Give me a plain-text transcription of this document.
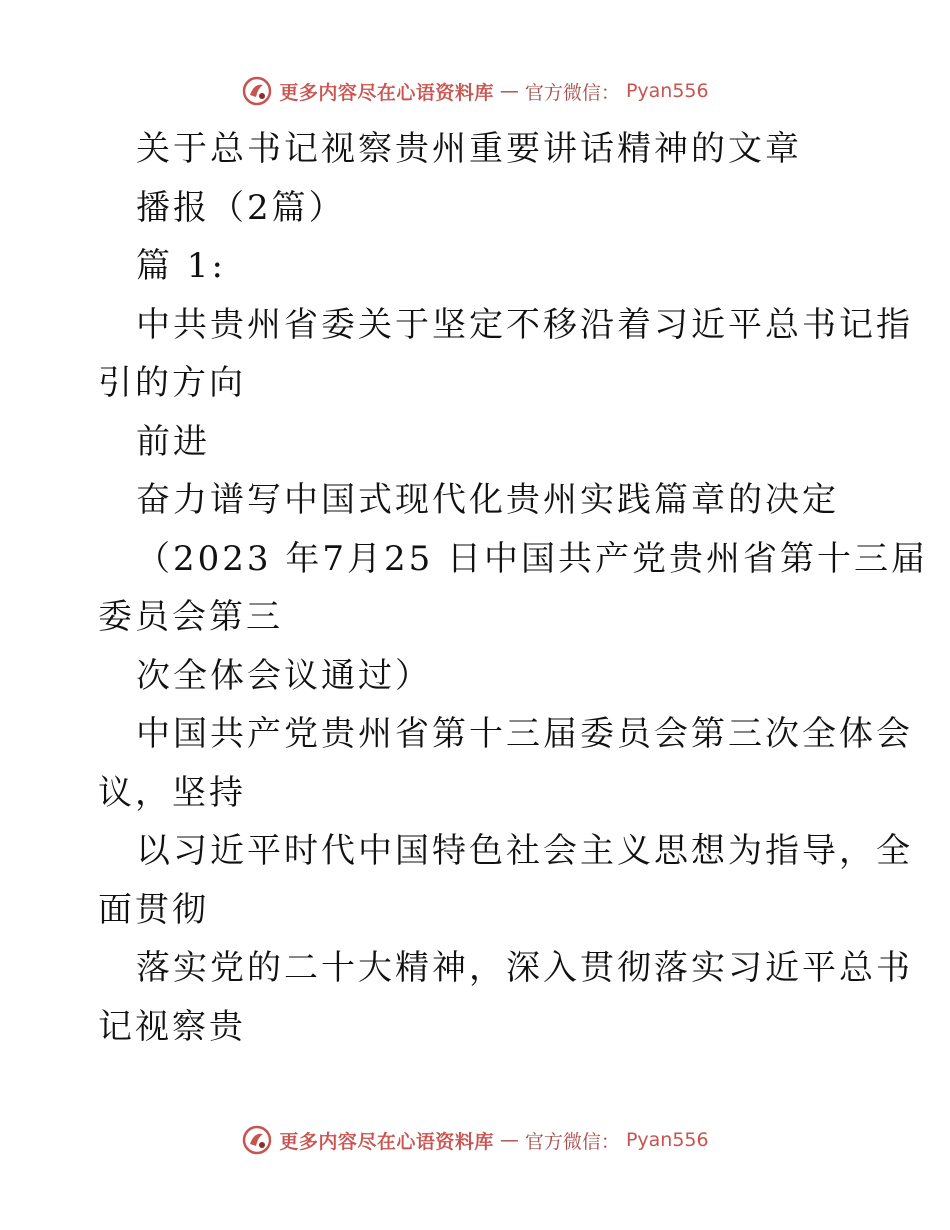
更多内容尽在心语资料库 — 官方微信： Pyan556
关于总书记视察贵州重要讲话精神的文章
播报（2篇）
篇 1:
中共贵州省委关于坚定不移沿着习近平总书记指
引的方向
前进
奋力谱写中国式现代化贵州实践篇章的决定
（2023 年7月25 日中国共产党贵州省第十三届
委员会第三
次全体会议通过）
中国共产党贵州省第十三届委员会第三次全体会
议，坚持
以习近平时代中国特色社会主义思想为指导，全
面贯彻
落实党的二十大精神，深入贯彻落实习近平总书
记视察贵
更多内容尽在心语资料库 — 官方微信： Pyan556
